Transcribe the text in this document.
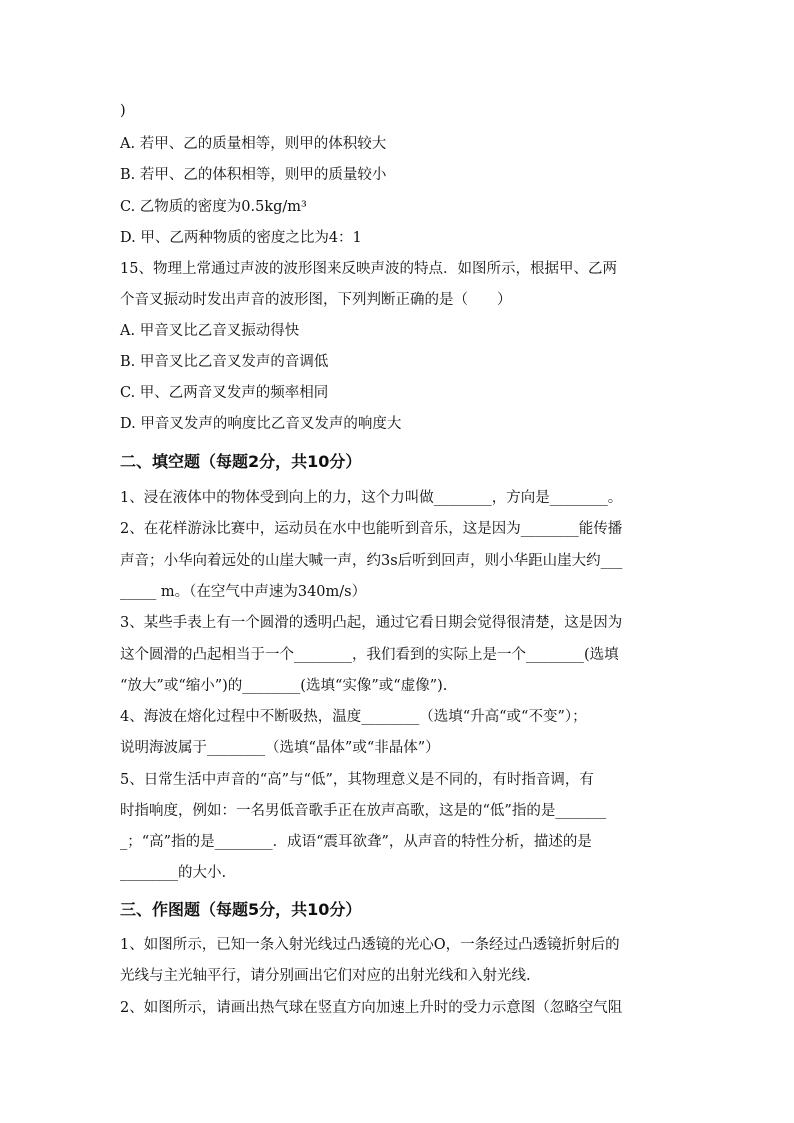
)
A. 若甲、乙的质量相等，则甲的体积较大
B. 若甲、乙的体积相等，则甲的质量较小
C. 乙物质的密度为0.5kg/m³
D. 甲、乙两种物质的密度之比为4：1
15、物理上常通过声波的波形图来反映声波的特点．如图所示，根据甲、乙两
个音叉振动时发出声音的波形图，下列判断正确的是（　　）
A. 甲音叉比乙音叉振动得快
B. 甲音叉比乙音叉发声的音调低
C. 甲、乙两音叉发声的频率相同
D. 甲音叉发声的响度比乙音叉发声的响度大
二、填空题（每题2分，共10分）
1、浸在液体中的物体受到向上的力，这个力叫做________，方向是________。
2、在花样游泳比赛中，运动员在水中也能听到音乐，这是因为________能传播
声音；小华向着远处的山崖大喊一声，约3s后听到回声，则小华距山崖大约___
_____ m。（在空气中声速为340m/s）
3、某些手表上有一个圆滑的透明凸起，通过它看日期会觉得很清楚，这是因为
这个圆滑的凸起相当于一个________，我们看到的实际上是一个________(选填
“放大”或“缩小”)的________(选填“实像”或“虚像”).
4、海波在熔化过程中不断吸热，温度________（选填“升高“或“不变”）；
说明海波属于________（选填“晶体”或“非晶体”）
5、日常生活中声音的“高”与“低”，其物理意义是不同的，有时指音调，有
时指响度，例如：一名男低音歌手正在放声高歌，这是的“低”指的是_______
_；“高”指的是________．成语“震耳欲聋”，从声音的特性分析，描述的是
________的大小.
三、作图题（每题5分，共10分）
1、如图所示，已知一条入射光线过凸透镜的光心O，一条经过凸透镜折射后的
光线与主光轴平行，请分别画出它们对应的出射光线和入射光线.
2、如图所示，请画出热气球在竖直方向加速上升时的受力示意图（忽略空气阻
